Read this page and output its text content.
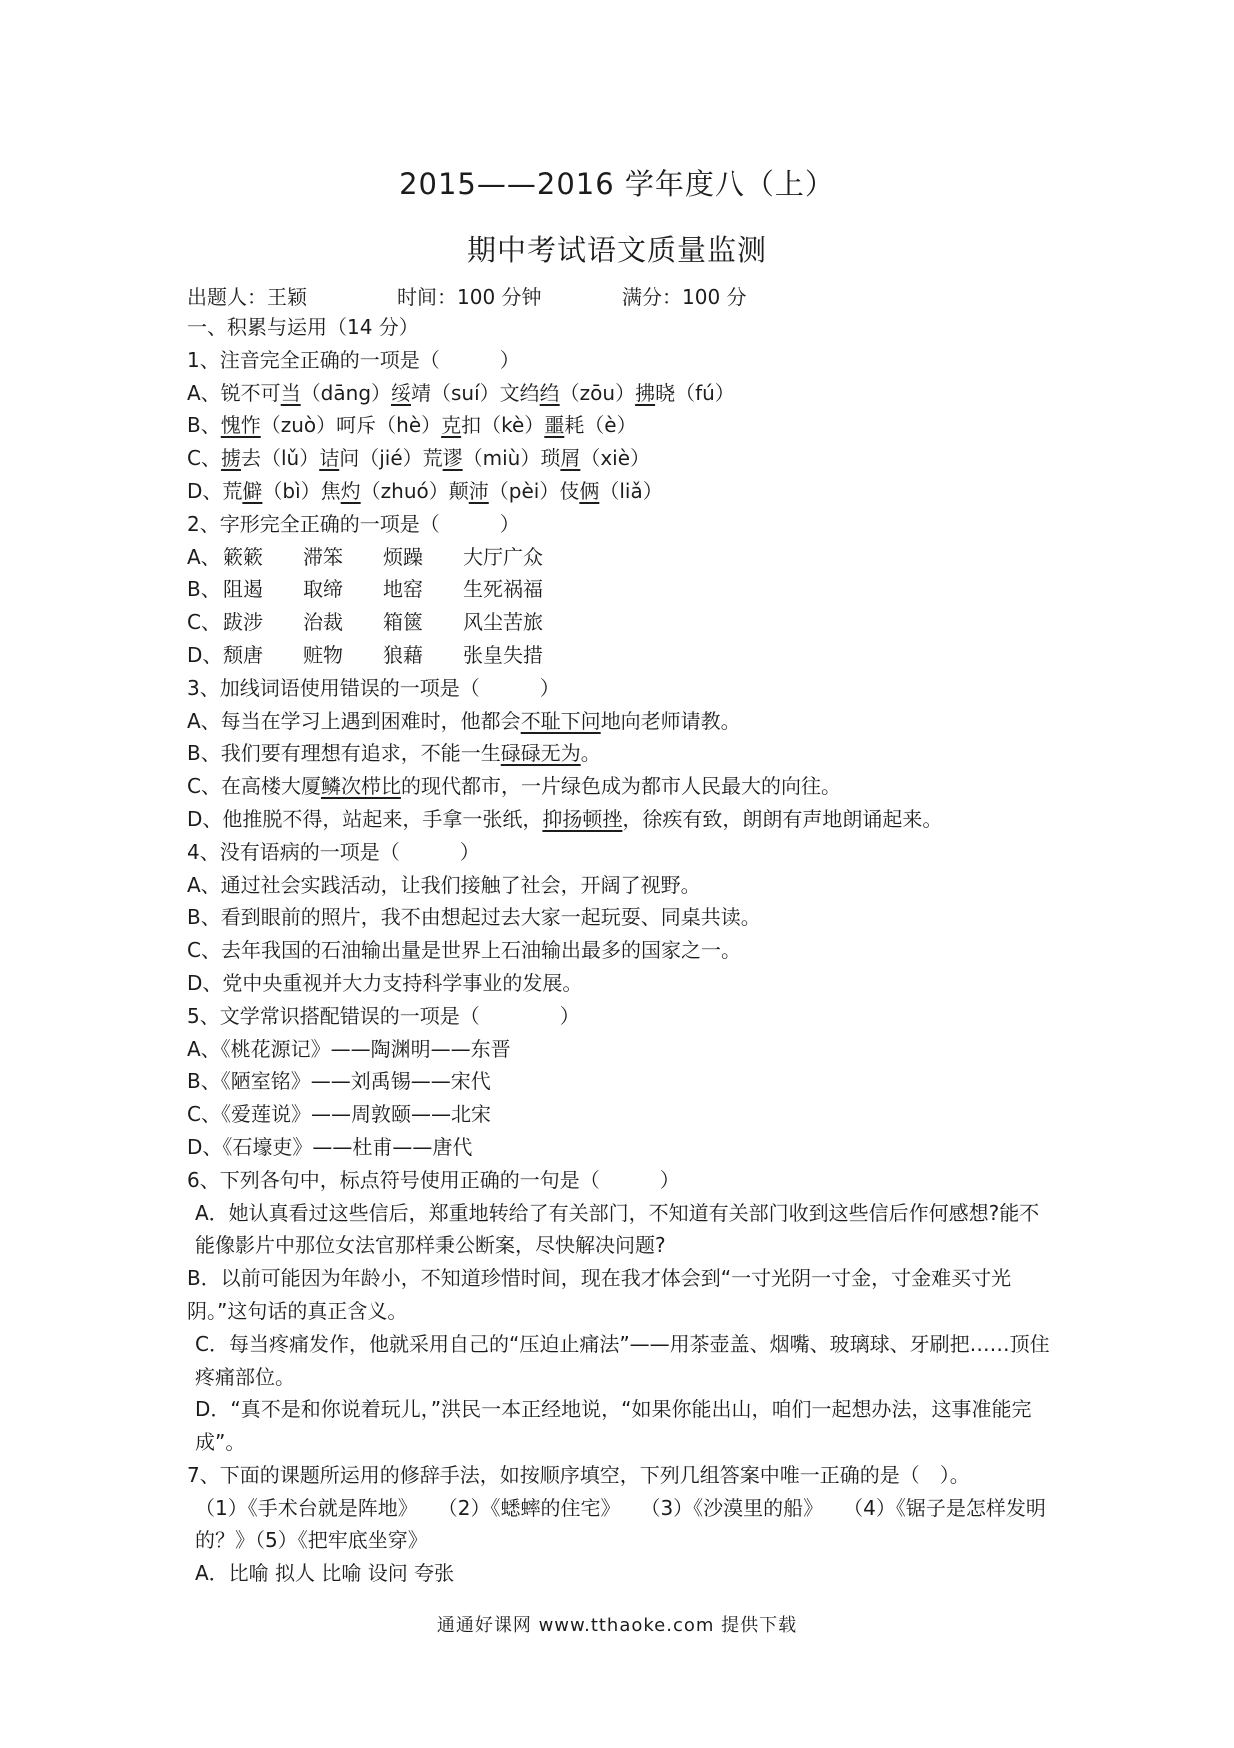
2015——2016 学年度八（上）
期中考试语文质量监测
出题人：王颖	时间：100 分钟	满分：100 分
一、积累与运用（14 分）
1、注音完全正确的一项是（　　　）
A、锐不可当（dāng）绥靖（suí）文绉绉（zōu）拂晓（fú）
B、愧怍（zuò）呵斥（hè）克扣（kè）噩耗（è）
C、掳去（lǔ）诘问（jié）荒谬（miù）琐屑（xiè）
D、荒僻（bì）焦灼（zhuó）颠沛（pèi）伎俩（liǎ）
2、字形完全正确的一项是（　　　）
A、 簌簌 滞笨 烦躁 大厅广众
B、 阻遏 取缔 地窑 生死祸福
C、 跋涉 治裁 箱篋 风尘苦旅
D、颓唐 赃物 狼藉 张皇失措
3、加线词语使用错误的一项是（　　　）
A、每当在学习上遇到困难时，他都会不耻下问地向老师请教。
B、我们要有理想有追求，不能一生碌碌无为。
C、在高楼大厦鳞次栉比的现代都市，一片绿色成为都市人民最大的向往。
D、他推脱不得，站起来，手拿一张纸，抑扬顿挫，徐疾有致，朗朗有声地朗诵起来。
4、没有语病的一项是（　　　）
A、通过社会实践活动，让我们接触了社会，开阔了视野。
B、看到眼前的照片，我不由想起过去大家一起玩耍、同桌共读。
C、去年我国的石油输出量是世界上石油输出最多的国家之一。
D、党中央重视并大力支持科学事业的发展。
5、文学常识搭配错误的一项是（　　　　）
A、《桃花源记》——陶渊明——东晋
B、《陋室铭》——刘禹锡——宋代
C、《爱莲说》——周敦颐——北宋
D、《石壕吏》——杜甫——唐代
6、下列各句中，标点符号使用正确的一句是（　　　）
A．她认真看过这些信后，郑重地转给了有关部门，不知道有关部门收到这些信后作何感想?能不能像影片中那位女法官那样秉公断案，尽快解决问题?
B．以前可能因为年龄小，不知道珍惜时间，现在我才体会到“一寸光阴一寸金，寸金难买寸光阴。”这句话的真正含义。
C．每当疼痛发作，他就采用自己的“压迫止痛法”——用茶壶盖、烟嘴、玻璃球、牙刷把……顶住疼痛部位。
D．“真不是和你说着玩儿，”洪民一本正经地说，“如果你能出山，咱们一起想办法，这事准能完成”。
7、下面的课题所运用的修辞手法，如按顺序填空，下列几组答案中唯一正确的是（　）。
（1）《手术台就是阵地》　　（2）《蟋蟀的住宅》　　（3）《沙漠里的船》　　（4）《锯子是怎样发明的？》（5）《把牢底坐穿》
A．比喻 拟人 比喻 设问 夸张
通通好课网 www.tthaoke.com 提供下载
